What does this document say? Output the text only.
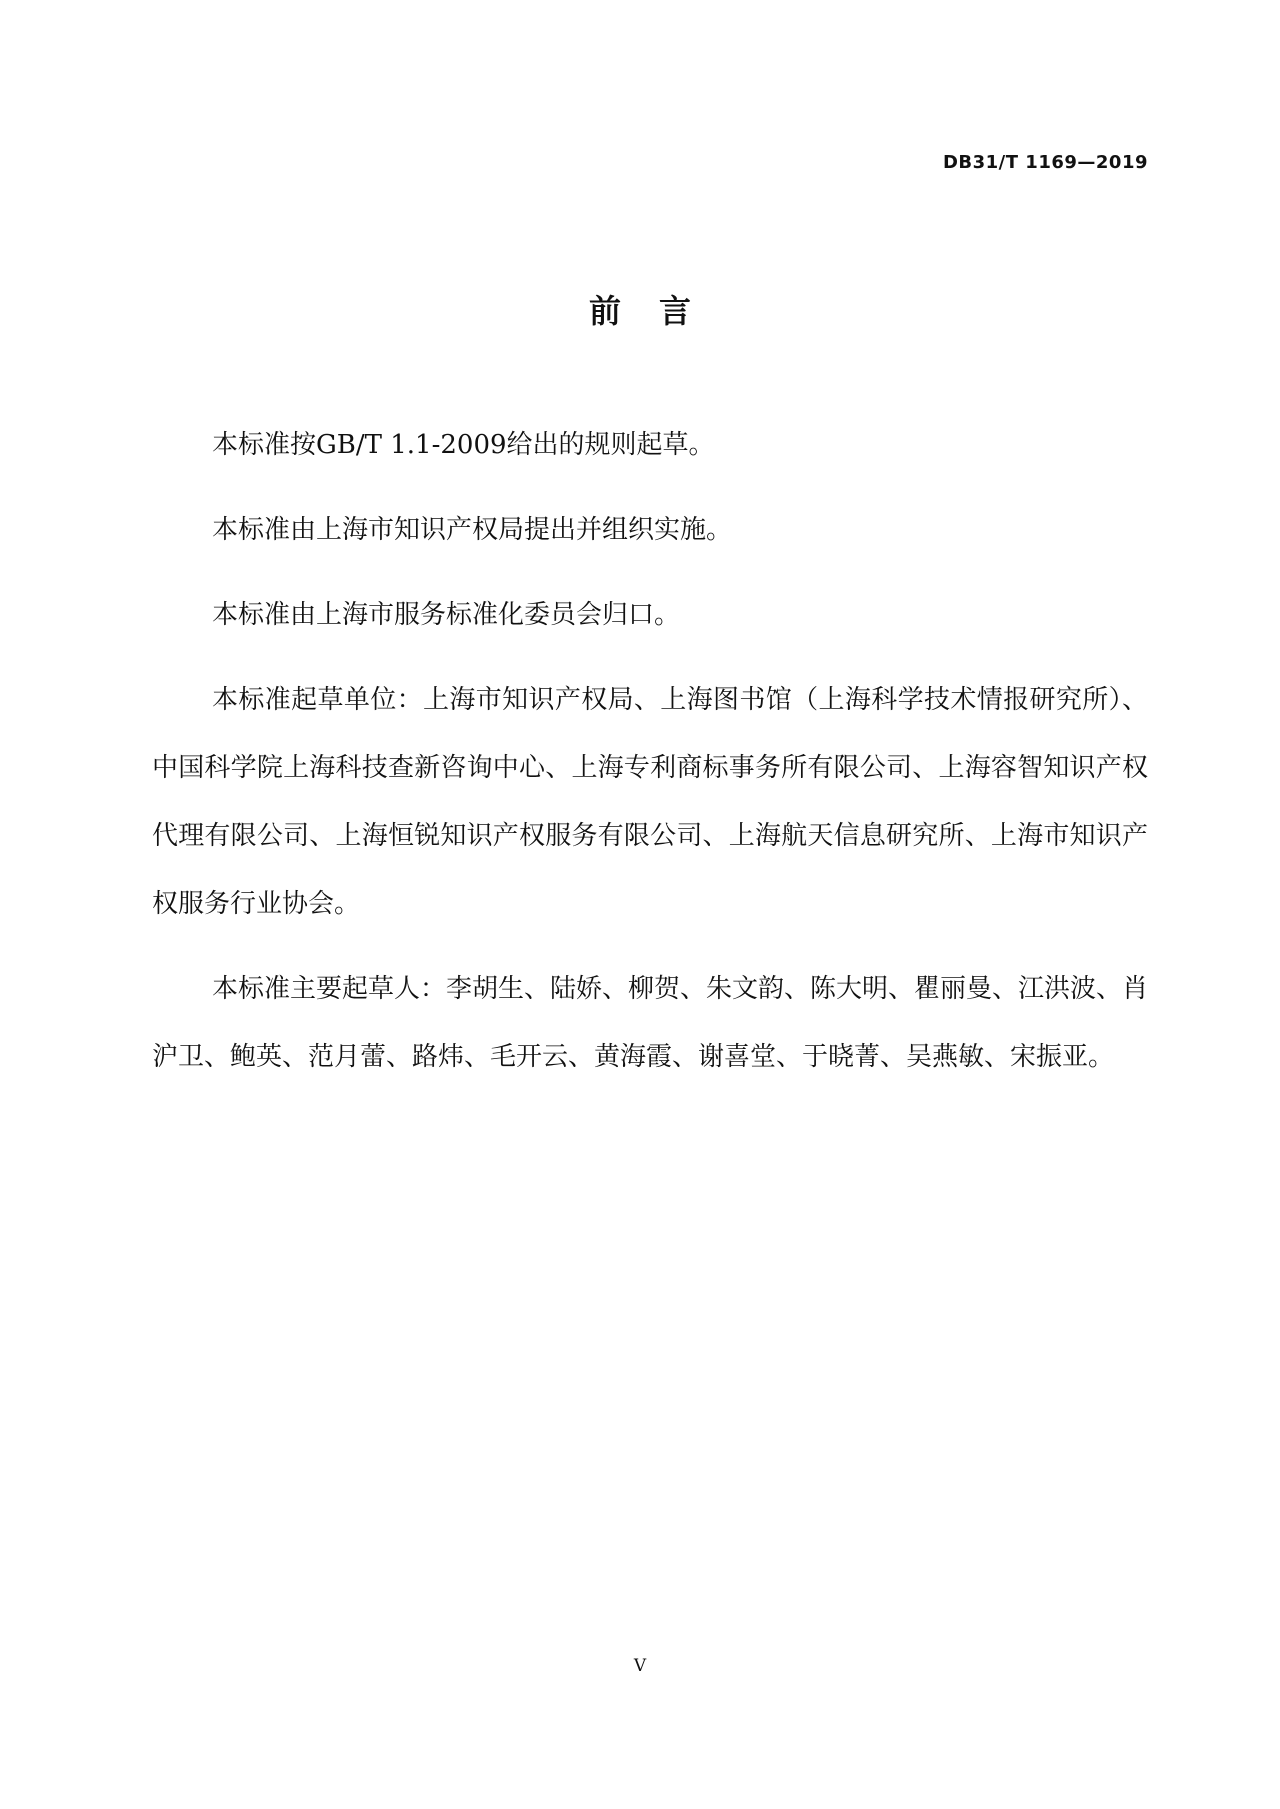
DB31/T 1169—2019
前 言

本标准按GB/T 1.1-2009给出的规则起草。

本标准由上海市知识产权局提出并组织实施。

本标准由上海市服务标准化委员会归口。

本标准起草单位：上海市知识产权局、上海图书馆（上海科学技术情报研究所）、中国科学院上海科技查新咨询中心、上海专利商标事务所有限公司、上海容智知识产权代理有限公司、上海恒锐知识产权服务有限公司、上海航天信息研究所、上海市知识产权服务行业协会。

本标准主要起草人：李胡生、陆娇、柳贺、朱文韵、陈大明、瞿丽曼、江洪波、肖沪卫、鲍英、范月蕾、路炜、毛开云、黄海霞、谢喜堂、于晓菁、吴燕敏、宋振亚。

V
